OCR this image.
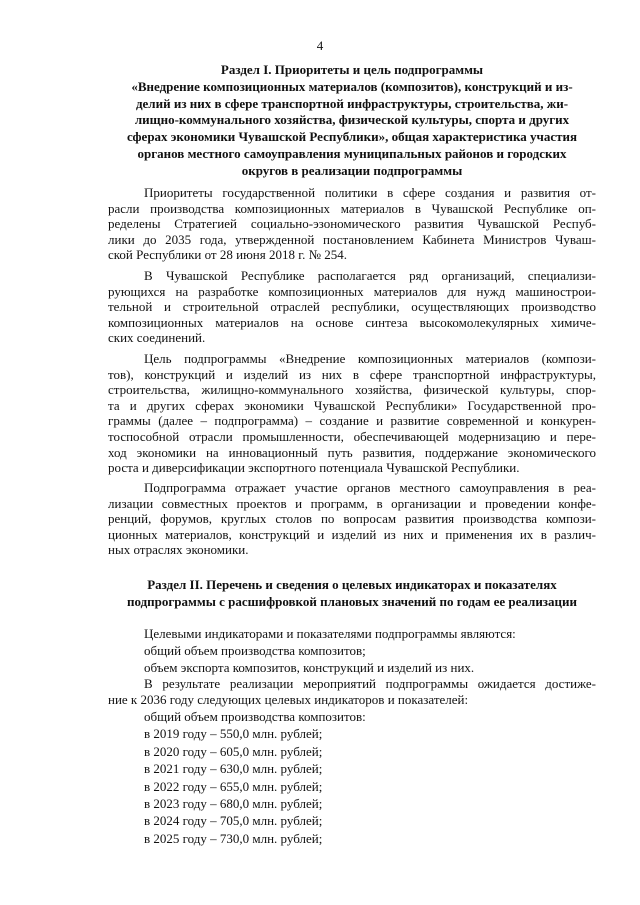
4
Раздел I. Приоритеты и цель подпрограммы
«Внедрение композиционных материалов (композитов), конструкций и из-
делий из них в сфере транспортной инфраструктуры, строительства, жи-
лищно-коммунального хозяйства, физической культуры, спорта и других
сферах экономики Чувашской Республики», общая характеристика участия
органов местного самоуправления муниципальных районов и городских
округов в реализации подпрограммы
Приоритеты государственной политики в сфере создания и развития от-
расли производства композиционных материалов в Чувашской Республике оп-
ределены Стратегией социально-эзономического развития Чувашской Респуб-
лики до 2035 года, утвержденной постановлением Кабинета Министров Чуваш-
ской Республики от 28 июня 2018 г. № 254.
В Чувашской Республике располагается ряд организаций, специализи-
рующихся на разработке композиционных материалов для нужд машинострои-
тельной и строительной отраслей республики, осуществляющих производство
композиционных материалов на основе синтеза высокомолекулярных химиче-
ских соединений.
Цель подпрограммы «Внедрение композиционных материалов (компози-
тов), конструкций и изделий из них в сфере транспортной инфраструктуры,
строительства, жилищно-коммунального хозяйства, физической культуры, спор-
та и других сферах экономики Чувашской Республики» Государственной про-
граммы (далее – подпрограмма) – создание и развитие современной и конкурен-
тоспособной отрасли промышленности, обеспечивающей модернизацию и пере-
ход экономики на инновационный путь развития, поддержание экономического
роста и диверсификации экспортного потенциала Чувашской Республики.
Подпрограмма отражает участие органов местного самоуправления в реа-
лизации совместных проектов и программ, в организации и проведении конфе-
ренций, форумов, круглых столов по вопросам развития производства компози-
ционных материалов, конструкций и изделий из них и применения их в различ-
ных отраслях экономики.
Раздел II. Перечень и сведения о целевых индикаторах и показателях
подпрограммы с расшифровкой плановых значений по годам ее реализации
Целевыми индикаторами и показателями подпрограммы являются:
общий объем производства композитов;
объем экспорта композитов, конструкций и изделий из них.
В результате реализации мероприятий подпрограммы ожидается достиже-
ние к 2036 году следующих целевых индикаторов и показателей:
общий объем производства композитов:
в 2019 году – 550,0 млн. рублей;
в 2020 году – 605,0 млн. рублей;
в 2021 году – 630,0 млн. рублей;
в 2022 году – 655,0 млн. рублей;
в 2023 году – 680,0 млн. рублей;
в 2024 году – 705,0 млн. рублей;
в 2025 году – 730,0 млн. рублей;
